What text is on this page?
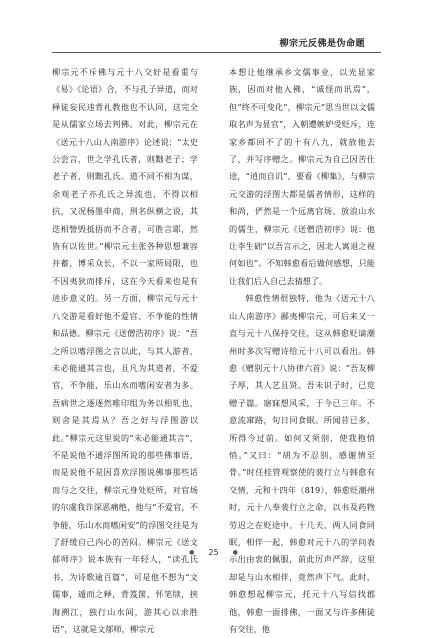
柳宗元反佛是伪命题

柳宗元不斥佛与元十八交好是看重与《易》《论语》合，不与孔子异道，而对释徒妄民违背礼教他也不认同，这完全是从儒家立场去判佛。对此，柳宗元在《送元十八山人南游序》论述说：“太史公尝言，世之学孔氏者，则黜老子；学老子者，则黜孔氏。道不同不相为谋，余观老子亦孔氏之异流也，不得以相抗，又况杨墨申商，刑名纵横之说，其迭相訾毁抵捂而不合者，可胜言耶，然皆有以佐世。”柳宗元主张各种思想兼容并蓄，博采众长，不以一家所局限，也不因夷狄而排斥，这在今天看来也是有进步意义的。另一方面，柳宗元与元十八交游是看好他不爱官、不争能的性情和品德。柳宗元《送僧浩初序》说：“吾之所以嗜浮图之言以此，与其人游者，未必能通其言也，且凡为其道者，不爱官，不争能，乐山水而嗜闲安者为多。吾病世之逐逐然唯印组为务以相轧也，则舍是其焉从？吾之好与浮图游以此。”柳宗元这里说的“未必能通其言”，不是说他不通浮图所说的那些佛事语，而是说他不是因喜欢浮图说佛事那些话而与之交往，柳宗元身处贬所，对官场的尔虞我诈深恶痛绝，他与“不爱官，不争能，乐山水而嗜闲安”的浮图交往是为了舒缓自己内心的苦闷。柳宗元《送文郁师序》说本族有一年轻人，“读孔氏书，为诗歌逾百篇”，可是他不想为“文儒事，遁而之释，背笈箧，怀笔牍，挟海溯江，独行山水间，游其心以求胜语”，这就是文郁师，柳宗元

本想让他继承乡文儒事业，以光显家族，因而对他入佛，“诚怪而讯焉”，但“终不可变化”，柳宗元“思当世以文儒取名声为显官”，入朝遭嫉妒受贬斥，连家乡都回不了的十有八九，就放他去了，并写序赠之。柳宗元为自己因苦仕途，“逍而自讥”，要看《柳集》，与柳宗元交游的浮图大都是儒者情形，这样的和尚，俨然是一个远离官场、放浪山水的儒生，柳宗元《送僧浩初序》说：他让李生础“以吾言示之，因北人寓退之视何如也”。不知韩愈看后做何感想，只能让我们后人自己去猜想了。

韩愈性情很独特，他为《送元十八山人南游序》鄙夷柳宗元，可后来又一直与元十八保持交往，这从韩愈贬谪潮州时多次写赠诗给元十八可以看出。韩愈《赠别元十八协律六首》说：“吾友柳子厚，其人艺且贤。吾未识子时，已览赠子篇。寤寐想风采，于今已三年。不意流窜路，旬日同食眠。所闻昔已多，所得今过前。如何又须别，使我抱悄悄。”又曰：“胡为不忍别，感谢情至骨。”时任桂管观察使的裴行立与韩愈有交情，元和十四年（819），韩愈贬潮州时，元十八奉裴行立之命，以书及药物劳迟之在贬途中。十几天，两人同食同眠，相伴一起，韩愈对元十八的学问表示出由衷的佩服，前此厉声严辞，这里却是与山水相伴，竟然声下气。此时，韩愈想起柳宗元，托元十八写信找郡他，韩愈一面排佛，一面又与许多佛徒有交往，他

● 25 ●
